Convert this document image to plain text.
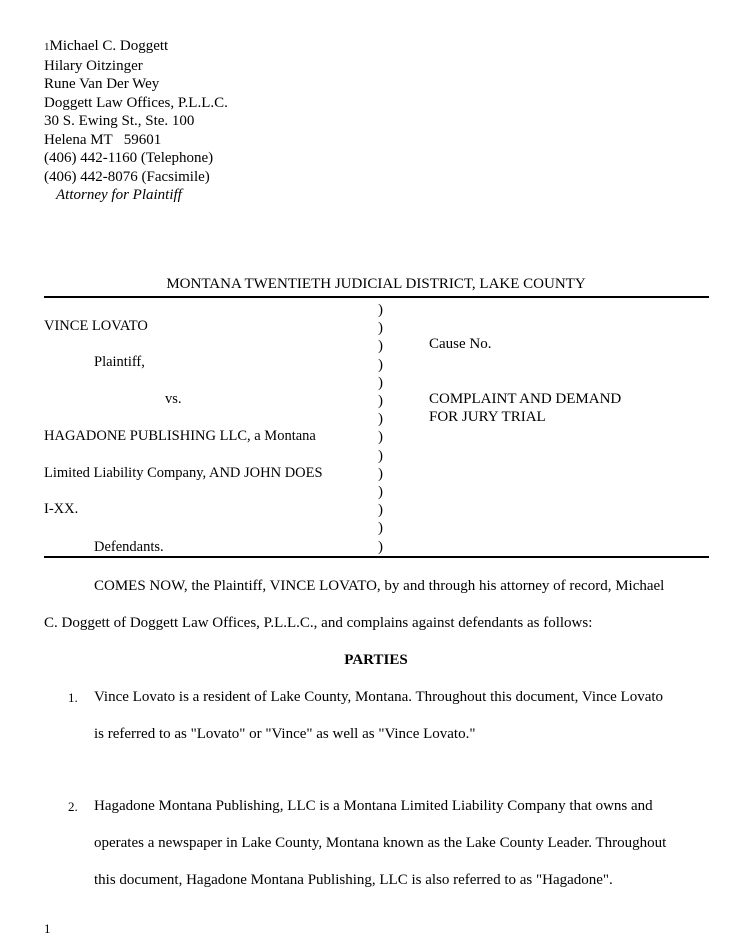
1 Michael C. Doggett
Hilary Oitzinger
Rune Van Der Wey
Doggett Law Offices, P.L.L.C.
30 S. Ewing St., Ste. 100
Helena MT   59601
(406) 442-1160 (Telephone)
(406) 442-8076 (Facsimile)
Attorney for Plaintiff
MONTANA TWENTIETH JUDICIAL DISTRICT, LAKE COUNTY
VINCE LOVATO
Plaintiff,
vs.
HAGADONE PUBLISHING LLC, a Montana
Limited Liability Company, AND JOHN DOES
I-XX.
Defendants.
)
)
)
)
)
)
)
)
)
)
)
)
)
)
Cause No.
COMPLAINT AND DEMAND
FOR JURY TRIAL
COMES NOW, the Plaintiff, VINCE LOVATO, by and through his attorney of record, Michael
C. Doggett of Doggett Law Offices, P.L.L.C., and complains against defendants as follows:
PARTIES
1. Vince Lovato is a resident of Lake County, Montana. Throughout this document, Vince Lovato
is referred to as "Lovato" or "Vince" as well as "Vince Lovato."
2. Hagadone Montana Publishing, LLC is a Montana Limited Liability Company that owns and
operates a newspaper in Lake County, Montana known as the Lake County Leader. Throughout
this document, Hagadone Montana Publishing, LLC is also referred to as "Hagadone".
1
